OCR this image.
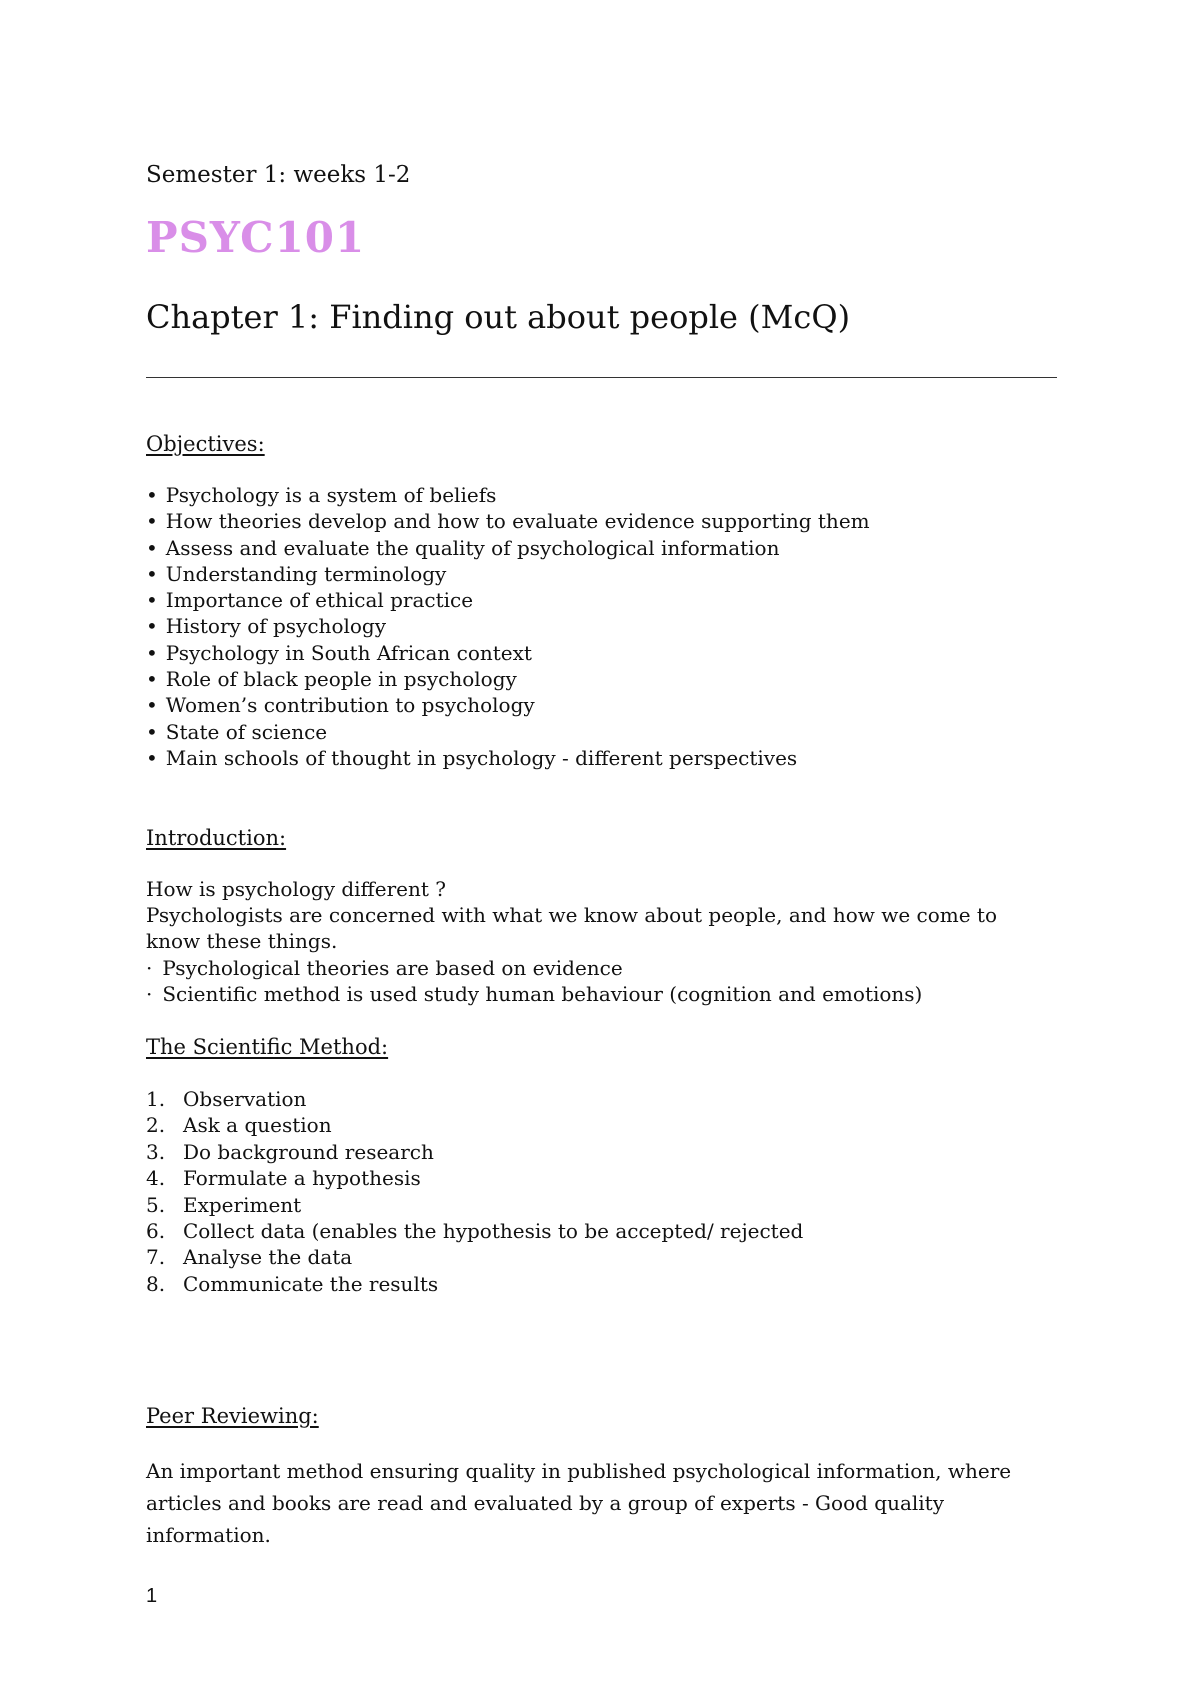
Semester 1: weeks 1-2

PSYC101
Chapter 1: Finding out about people (McQ)

Objectives:

• Psychology is a system of beliefs
• How theories develop and how to evaluate evidence supporting them
• Assess and evaluate the quality of psychological information
• Understanding terminology
• Importance of ethical practice
• History of psychology
• Psychology in South African context
• Role of black people in psychology
• Women’s contribution to psychology
• State of science
• Main schools of thought in psychology - different perspectives

Introduction:

How is psychology different ?

Psychologists are concerned with what we know about people, and how we come to know these things.

· Psychological theories are based on evidence
· Scientific method is used study human behaviour (cognition and emotions)

The Scientific Method:

1. Observation
2. Ask a question
3. Do background research
4. Formulate a hypothesis
5. Experiment
6. Collect data (enables the hypothesis to be accepted/ rejected
7. Analyse the data
8. Communicate the results

Peer Reviewing:

An important method ensuring quality in published psychological information, where articles and books are read and evaluated by a group of experts - Good quality information.

1
